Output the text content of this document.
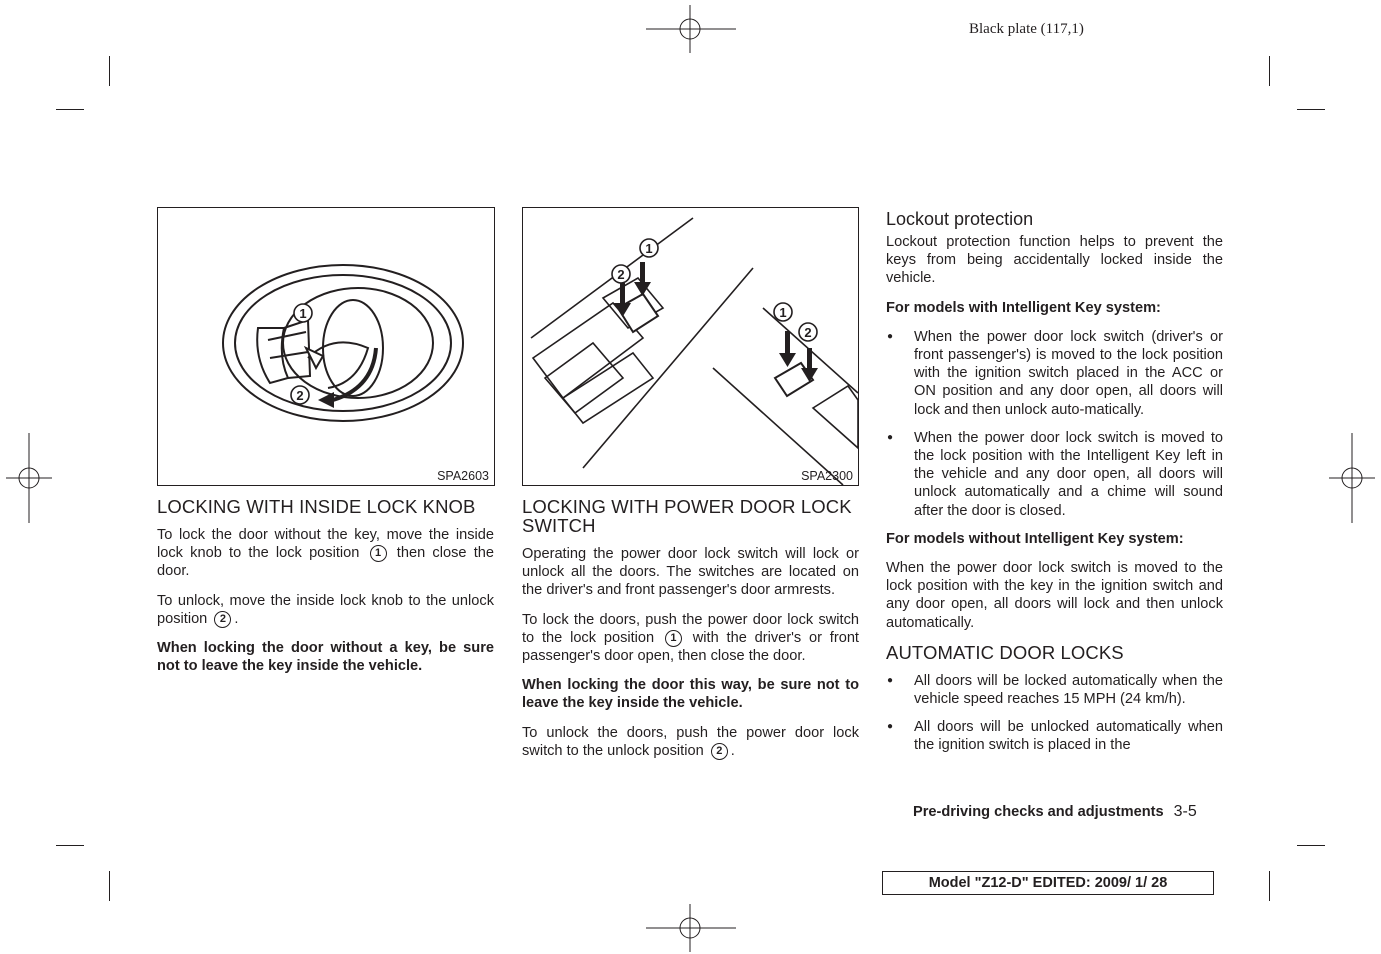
Black plate (117,1)
1
2
SPA2603
1
2
1
2
SPA2300
LOCKING WITH INSIDE LOCK KNOB

To lock the door without the key, move the inside lock knob to the lock position 1 then close the door.

To unlock, move the inside lock knob to the unlock position 2 .

When locking the door without a key, be sure not to leave the key inside the vehicle.

LOCKING WITH POWER DOOR LOCK SWITCH

Operating the power door lock switch will lock or unlock all the doors. The switches are located on the driver's and front passenger's door armrests.

To lock the doors, push the power door lock switch to the lock position 1 with the driver's or front passenger's door open, then close the door.

When locking the door this way, be sure not to leave the key inside the vehicle.

To unlock the doors, push the power door lock switch to the unlock position 2 .

Lockout protection

Lockout protection function helps to prevent the keys from being accidentally locked inside the vehicle.

For models with Intelligent Key system:

● When the power door lock switch (driver's or front passenger's) is moved to the lock position with the ignition switch placed in the ACC or ON position and any door open, all doors will lock and then unlock auto-matically.
● When the power door lock switch is moved to the lock position with the Intelligent Key left in the vehicle and any door open, all doors will unlock automatically and a chime will sound after the door is closed.

For models without Intelligent Key system:

When the power door lock switch is moved to the lock position with the key in the ignition switch and any door open, all doors will lock and then unlock automatically.

AUTOMATIC DOOR LOCKS
● All doors will be locked automatically when the vehicle speed reaches 15 MPH (24 km/h).
● All doors will be unlocked automatically when the ignition switch is placed in the
Pre-driving checks and adjustments 3-5
Model "Z12-D" EDITED: 2009/ 1/ 28
